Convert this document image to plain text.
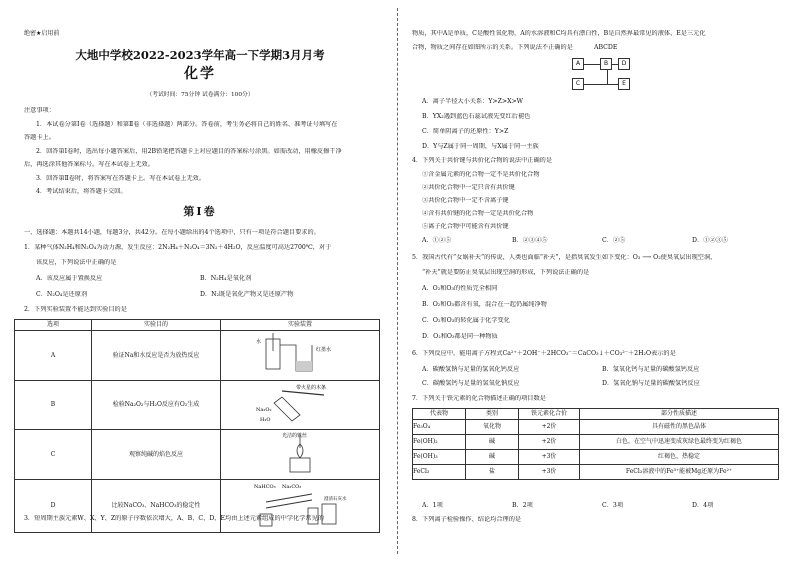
绝密★启用前
大地中学校2022-2023学年高一下学期3月月考
化学
（考试时间：75分钟 试卷满分：100分）
注意事项：
1．本试卷分第Ⅰ卷（选择题）和第Ⅱ卷（非选择题）两部分。答卷前，考生务必将自己的姓名、准考证号填写在
答题卡上。
2．回答第Ⅰ卷时，选出每小题答案后，用2B铅笔把答题卡上对应题目的答案标号涂黑。如需改动，用橡皮擦干净
后，再选涂其他答案标号。写在本试卷上无效。
3．回答第Ⅱ卷时，将答案写在答题卡上。写在本试卷上无效。
4．考试结束后，将答题卡交回。
第Ⅰ卷
一、选择题：本题共14小题，每题3分，共42分。在每小题给出的4个选项中，只有一项是符合题目要求的。
1．某种气体N₂H₄和N₂O₄为动力源，发生反应：2N₂H₄＋N₂O₄＝3N₂＋4H₂O，反应温度可高达2700℃，对于
该反应，下列说法中正确的是
A．该反应属于置换反应	B．N₂H₄是氧化剂
C．N₂O₄是还原剂	D．N₂既是氧化产物又是还原产物
2．下列实验装置不能达到实验目的是
选项	实验目的	实验装置
A	验证Na和水反应是否为放热反应	水
红墨水

B	检验Na₂O₂与H₂O反应有O₂生成	带火星的木条
Na₂O₂
H₂O

C	观察纯碱的焰色反应	光洁的铁丝

D	比较NaCO₃、NaHCO₃的稳定性	NaHCO₃ Na₂CO₃
澄清石灰水
3．短周期主族元素W、X、Y、Z的原子序数依次增大，A、B、C、D、E均由上述元素组成的中学化学常见的
物质，其中A是单质，C是酸性氧化物，A的水溶液和C均具有漂白性，B是自然界最常见的液体，E是三元化
合物，物质之间存在如图所示的关系。下列说法不正确的是	ABCDE
A	B
C
D
E
A．离子半径大小关系：Y>Z>X>W
B．YX₂遇到蓝色石蕊试液先变红后褪色
C．简单阴离子的还原性：Y>Z
D．Y与Z属于同一周期，与X属于同一主族
4．下列关于共价键与共价化合物的说法中正确的是
①含金属元素的化合物一定不是共价化合物
②共价化合物中一定只含有共价键
③共价化合物中一定不含离子键
④含有共价键的化合物一定是共价化合物
⑤离子化合物中可能含有共价键
A．①②⑤	B．②③④⑤	C．②⑤	D．①②③⑤
5．我国古代有“女娲补天”的传说，人类也面临“补天”，是指臭氧发生如下变化：O₃ ⟶ O₂使臭氧层出现空洞，
“补天”就是要防止臭氧层出现空洞的形成，下列说法正确的是
A．O₂和O₃的性质完全相同
B．O₂和O₃都含有氧，混合在一起仍属纯净物
C．O₂和O₃的转化属于化学变化
D．O₂和O₃都是同一种物质
6．下列反应中，能用离子方程式Ca²⁺＋2OH⁻＋2HCO₃⁻＝CaCO₃↓＋CO₃²⁻＋2H₂O表示的是
A．碳酸氢钠与足量的氢氧化钙反应	B．氢氧化钙与足量的碳酸氢钙反应
C．碳酸氢钙与足量的氢氧化钠反应	D．氢氧化钠与足量的碳酸氢钙反应
7．下列关于铁元素的化合物描述正确的项目数是
A．1项	B．2项	C．3项	D．4项
8．下列离子检验操作、结论均合理的是
代表物	类别	铁元素化合价	部分性质描述
Fe₃O₄	氧化物	+2价	具有磁性的黑色晶体
Fe(OH)₂	碱	+2价	白色，在空气中迅速变成灰绿色最终变为红褐色
Fe(OH)₃	碱	+3价	红褐色，热稳定
FeCl₃	盐	+3价	FeCl₃溶液中的Fe³⁺能被Mg还原为Fe²⁺
